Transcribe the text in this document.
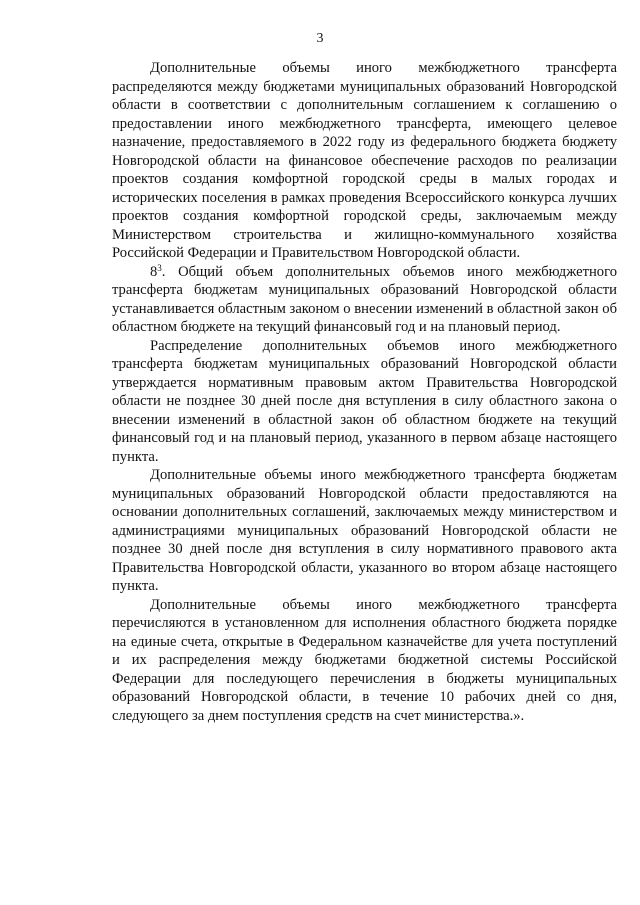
3

Дополнительные объемы иного межбюджетного трансферта распределяются между бюджетами муниципальных образований Новгородской области в соответствии с дополнительным соглашением к соглашению о предоставлении иного межбюджетного трансферта, имеющего целевое назначение, предоставляемого в 2022 году из федерального бюджета бюджету Новгородской области на финансовое обеспечение расходов по реализации проектов создания комфортной городской среды в малых городах и исторических поселения в рамках проведения Всероссийского конкурса лучших проектов создания комфортной городской среды, заключаемым между Министерством строительства и жилищно-коммунального хозяйства Российской Федерации и Правительством Новгородской области.

$8^3$. Общий объем дополнительных объемов иного межбюджетного трансферта бюджетам муниципальных образований Новгородской области устанавливается областным законом о внесении изменений в областной закон об областном бюджете на текущий финансовый год и на плановый период.

Распределение дополнительных объемов иного межбюджетного трансферта бюджетам муниципальных образований Новгородской области утверждается нормативным правовым актом Правительства Новгородской области не позднее 30 дней после дня вступления в силу областного закона о внесении изменений в областной закон об областном бюджете на текущий финансовый год и на плановый период, указанного в первом абзаце настоящего пункта.

Дополнительные объемы иного межбюджетного трансферта бюджетам муниципальных образований Новгородской области предоставляются на основании дополнительных соглашений, заключаемых между министерством и администрациями муниципальных образований Новгородской области не позднее 30 дней после дня вступления в силу нормативного правового акта Правительства Новгородской области, указанного во втором абзаце настоящего пункта.

Дополнительные объемы иного межбюджетного трансферта перечисляются в установленном для исполнения областного бюджета порядке на единые счета, открытые в Федеральном казначействе для учета поступлений и их распределения между бюджетами бюджетной системы Российской Федерации для последующего перечисления в бюджеты муниципальных образований Новгородской области, в течение 10 рабочих дней со дня, следующего за днем поступления средств на счет министерства.».
